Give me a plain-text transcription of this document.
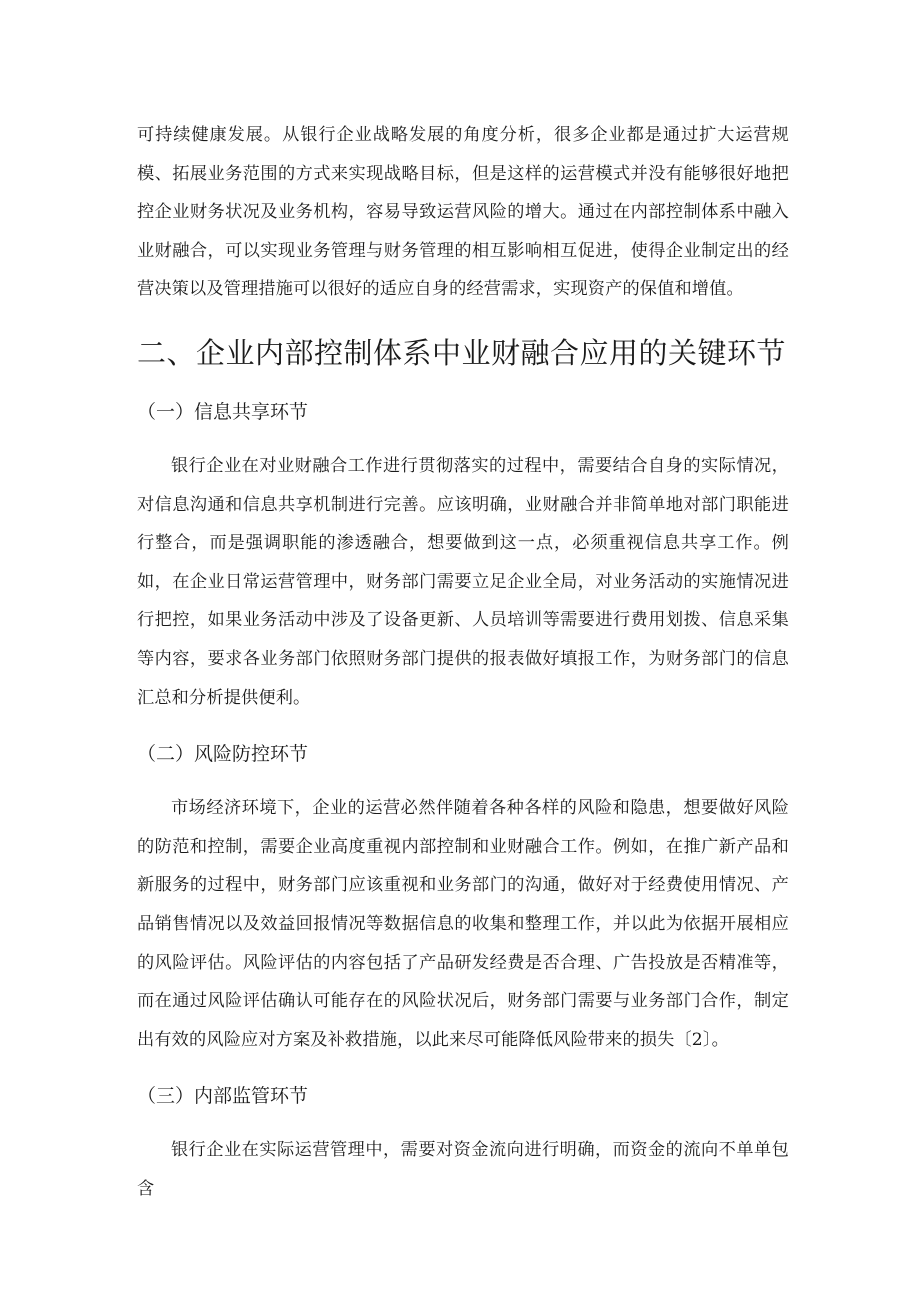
可持续健康发展。从银行企业战略发展的角度分析，很多企业都是通过扩大运营规模、拓展业务范围的方式来实现战略目标，但是这样的运营模式并没有能够很好地把控企业财务状况及业务机构，容易导致运营风险的增大。通过在内部控制体系中融入业财融合，可以实现业务管理与财务管理的相互影响相互促进，使得企业制定出的经营决策以及管理措施可以很好的适应自身的经营需求，实现资产的保值和增值。

二、企业内部控制体系中业财融合应用的关键环节
（一）信息共享环节

银行企业在对业财融合工作进行贯彻落实的过程中，需要结合自身的实际情况，对信息沟通和信息共享机制进行完善。应该明确，业财融合并非简单地对部门职能进行整合，而是强调职能的渗透融合，想要做到这一点，必须重视信息共享工作。例如，在企业日常运营管理中，财务部门需要立足企业全局，对业务活动的实施情况进行把控，如果业务活动中涉及了设备更新、人员培训等需要进行费用划拨、信息采集等内容，要求各业务部门依照财务部门提供的报表做好填报工作，为财务部门的信息汇总和分析提供便利。

（二）风险防控环节

市场经济环境下，企业的运营必然伴随着各种各样的风险和隐患，想要做好风险的防范和控制，需要企业高度重视内部控制和业财融合工作。例如，在推广新产品和新服务的过程中，财务部门应该重视和业务部门的沟通，做好对于经费使用情况、产品销售情况以及效益回报情况等数据信息的收集和整理工作，并以此为依据开展相应的风险评估。风险评估的内容包括了产品研发经费是否合理、广告投放是否精准等，而在通过风险评估确认可能存在的风险状况后，财务部门需要与业务部门合作，制定出有效的风险应对方案及补救措施，以此来尽可能降低风险带来的损失〔2〕。

（三）内部监管环节

银行企业在实际运营管理中，需要对资金流向进行明确，而资金的流向不单单包含
